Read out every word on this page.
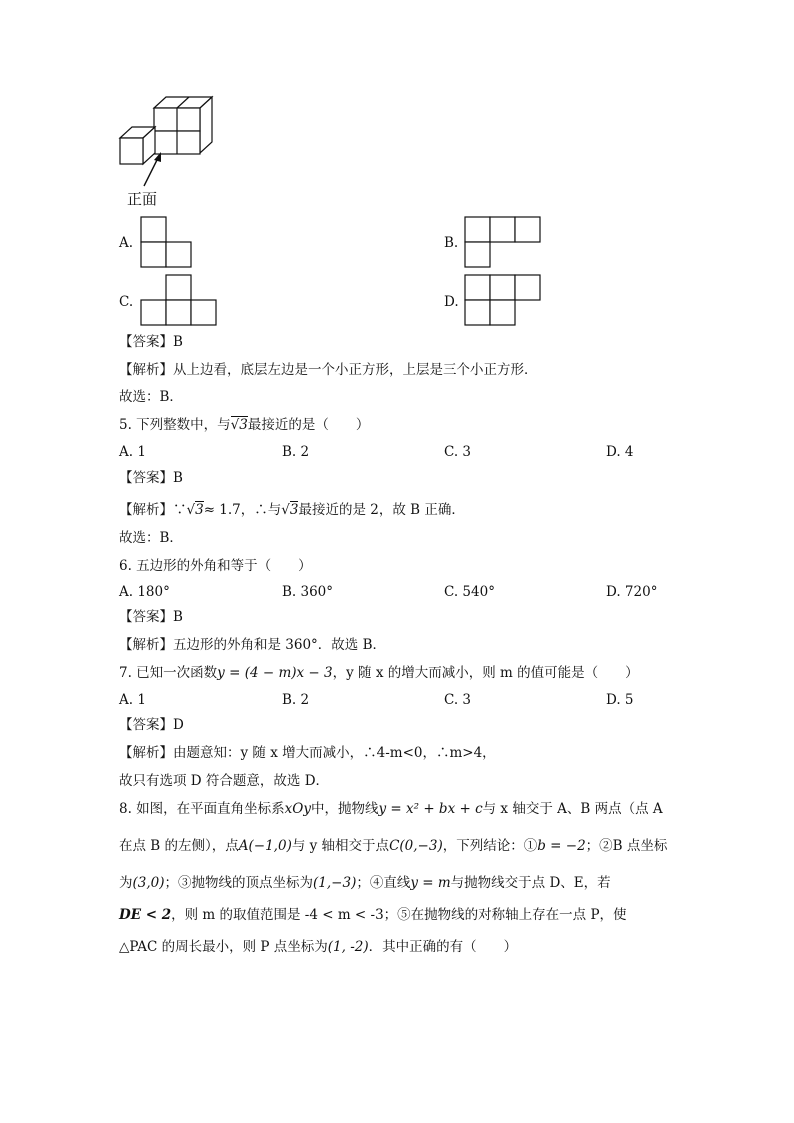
正面
A.	B.
C.	D.
【答案】B
【解析】从上边看，底层左边是一个小正方形，上层是三个小正方形．
故选：B．
5. 下列整数中，与√3最接近的是（　　）
A. 1	B. 2	C. 3	D. 4
【答案】B
【解析】∵√3≈ 1.7，∴与√3最接近的是 2，故 B 正确．
故选：B．
6. 五边形的外角和等于（　　）
A. 180°	B. 360°	C. 540°	D. 720°
【答案】B
【解析】五边形的外角和是 360°．故选 B．
7. 已知一次函数y = (4 − m)x − 3，y 随 x 的增大而减小，则 m 的值可能是（　　）
A. 1	B. 2	C. 3	D. 5
【答案】D
【解析】由题意知：y 随 x 增大而减小，∴4-m<0，∴m>4，
故只有选项 D 符合题意，故选 D．
8. 如图，在平面直角坐标系xOy中，抛物线y = x² + bx + c与 x 轴交于 A、B 两点（点 A
在点 B 的左侧），点A(−1,0)与 y 轴相交于点C(0,−3)，下列结论：①b = −2；②B 点坐标
为(3,0)；③抛物线的顶点坐标为(1,−3)；④直线y = m与抛物线交于点 D、E，若
DE < 2，则 m 的取值范围是 -4 < m < -3；⑤在抛物线的对称轴上存在一点 P，使
△PAC 的周长最小，则 P 点坐标为(1, -2)．其中正确的有（　　）
